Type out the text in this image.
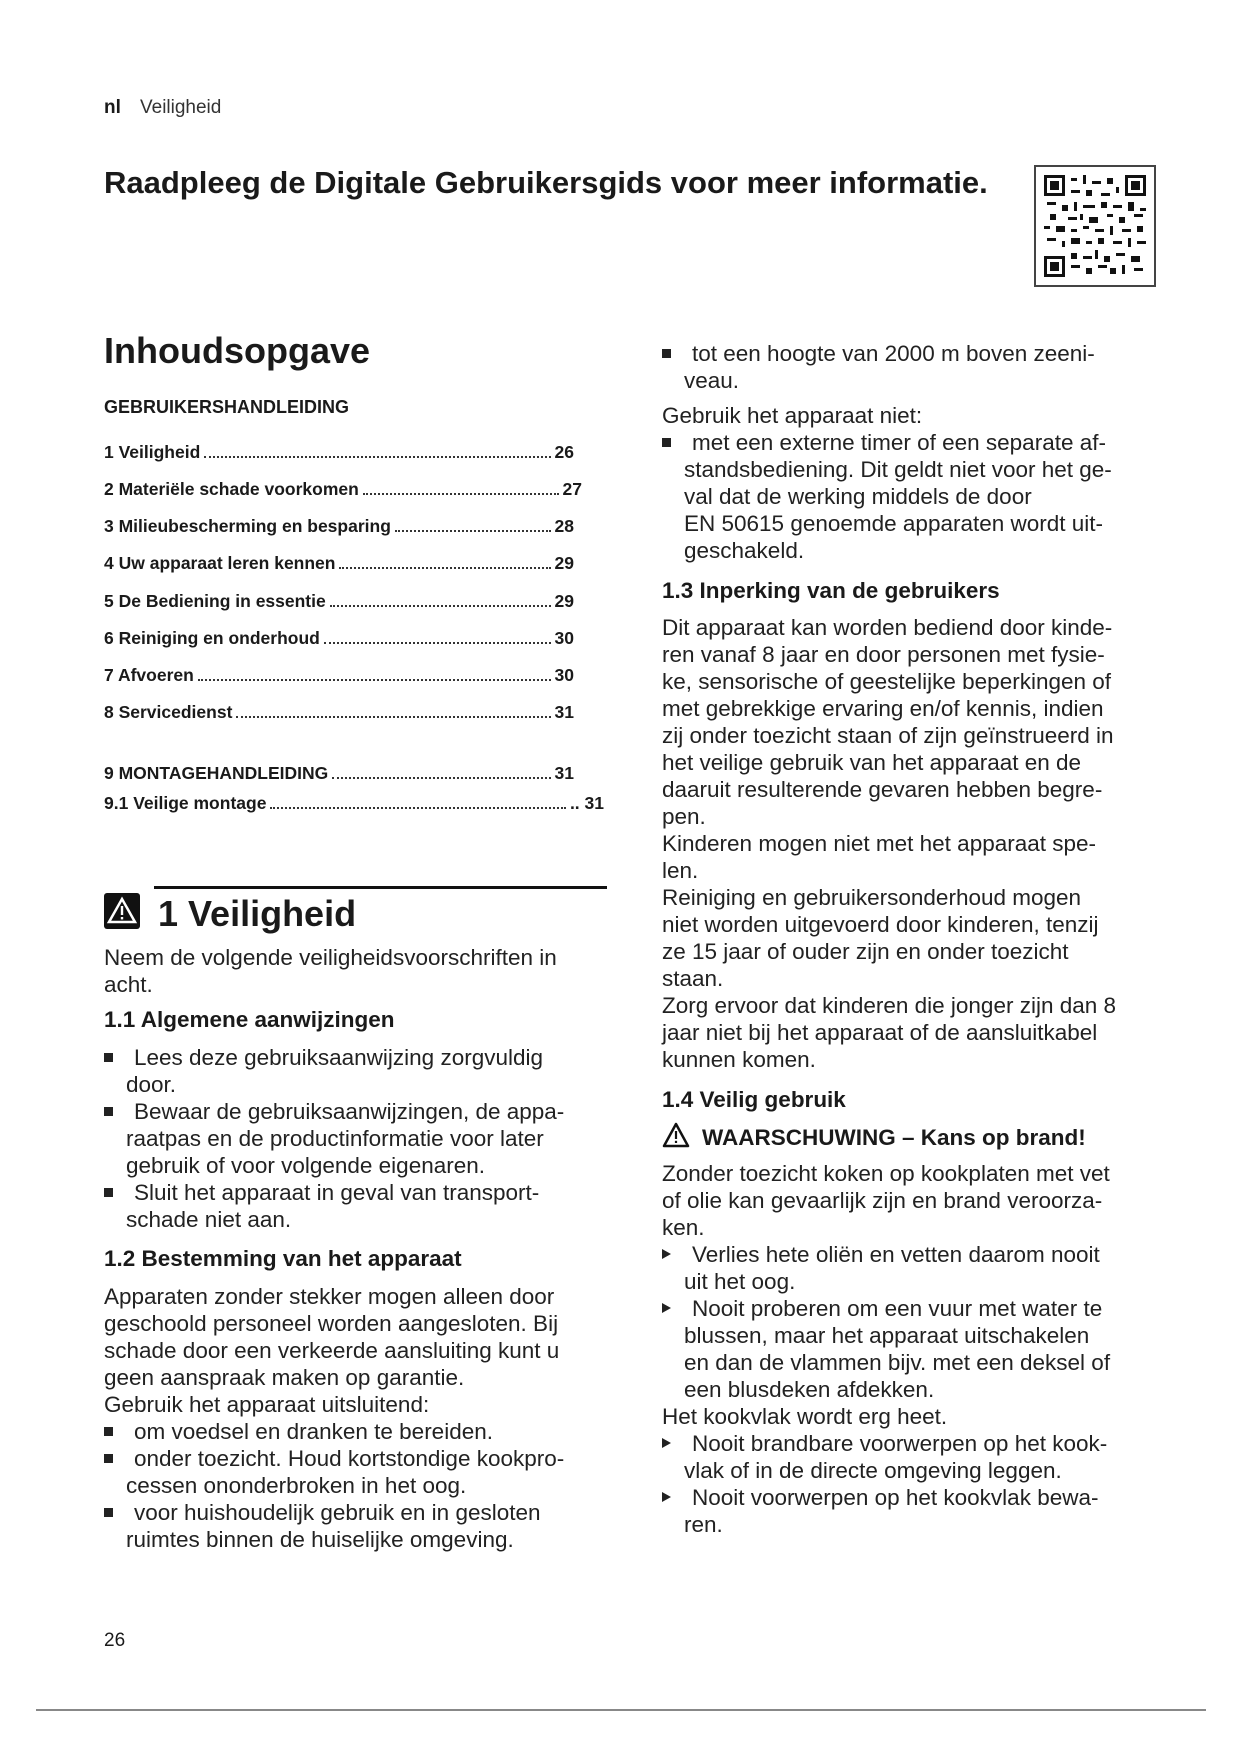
nl Veiligheid
Raadpleeg de Digitale Gebruikersgids voor meer informatie.
Inhoudsopgave
GEBRUIKERSHANDLEIDING
1 Veiligheid	26
2 Materiële schade voorkomen	27
3 Milieubescherming en besparing	28
4 Uw apparaat leren kennen	29
5 De Bediening in essentie	29
6 Reiniging en onderhoud	30
7 Afvoeren	30
8 Servicedienst	31
9 MONTAGEHANDLEIDING	31
9.1 Veilige montage	.. 31
1 Veiligheid
Neem de volgende veiligheidsvoorschriften in
acht.
1.1 Algemene aanwijzingen
Lees deze gebruiksaanwijzing zorgvuldig
door.
Bewaar de gebruiksaanwijzingen, de appa-
raatpas en de productinformatie voor later
gebruik of voor volgende eigenaren.
Sluit het apparaat in geval van transport-
schade niet aan.
1.2 Bestemming van het apparaat
Apparaten zonder stekker mogen alleen door
geschoold personeel worden aangesloten. Bij
schade door een verkeerde aansluiting kunt u
geen aanspraak maken op garantie.
Gebruik het apparaat uitsluitend:
om voedsel en dranken te bereiden.
onder toezicht. Houd kortstondige kookpro-
cessen ononderbroken in het oog.
voor huishoudelijk gebruik en in gesloten
ruimtes binnen de huiselijke omgeving.
tot een hoogte van 2000 m boven zeeni-
veau.
Gebruik het apparaat niet:
met een externe timer of een separate af-
standsbediening. Dit geldt niet voor het ge-
val dat de werking middels de door
EN 50615 genoemde apparaten wordt uit-
geschakeld.
1.3 Inperking van de gebruikers
Dit apparaat kan worden bediend door kinde-
ren vanaf 8 jaar en door personen met fysie-
ke, sensorische of geestelijke beperkingen of
met gebrekkige ervaring en/of kennis, indien
zij onder toezicht staan of zijn geïnstrueerd in
het veilige gebruik van het apparaat en de
daaruit resulterende gevaren hebben begre-
pen.
Kinderen mogen niet met het apparaat spe-
len.
Reiniging en gebruikersonderhoud mogen
niet worden uitgevoerd door kinderen, tenzij
ze 15 jaar of ouder zijn en onder toezicht
staan.
Zorg ervoor dat kinderen die jonger zijn dan 8
jaar niet bij het apparaat of de aansluitkabel
kunnen komen.
1.4 Veilig gebruik
WAARSCHUWING – Kans op brand!
Zonder toezicht koken op kookplaten met vet
of olie kan gevaarlijk zijn en brand veroorza-
ken.
Verlies hete oliën en vetten daarom nooit
uit het oog.
Nooit proberen om een vuur met water te
blussen, maar het apparaat uitschakelen
en dan de vlammen bijv. met een deksel of
een blusdeken afdekken.
Het kookvlak wordt erg heet.
Nooit brandbare voorwerpen op het kook-
vlak of in de directe omgeving leggen.
Nooit voorwerpen op het kookvlak bewa-
ren.
26
